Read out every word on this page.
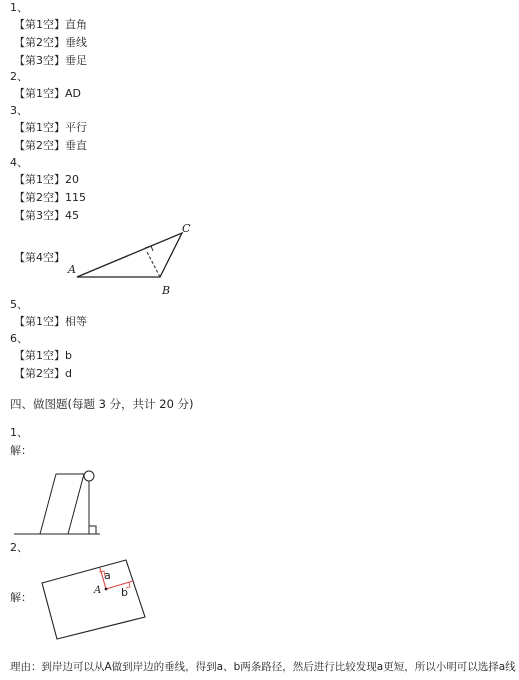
1、
【第1空】直角
【第2空】垂线
【第3空】垂足
2、
【第1空】AD
3、
【第1空】平行
【第2空】垂直
4、
【第1空】20
【第2空】115
【第3空】45
【第4空】
A
B
C
5、
【第1空】相等
6、
【第1空】b
【第2空】d
四、做图题(每题 3 分，共计 20 分)
1、
解：
2、
解：
A
a
b
理由：到岸边可以从A做到岸边的垂线，得到a、b两条路径，然后进行比较发现a更短，所以小明可以选择a线
